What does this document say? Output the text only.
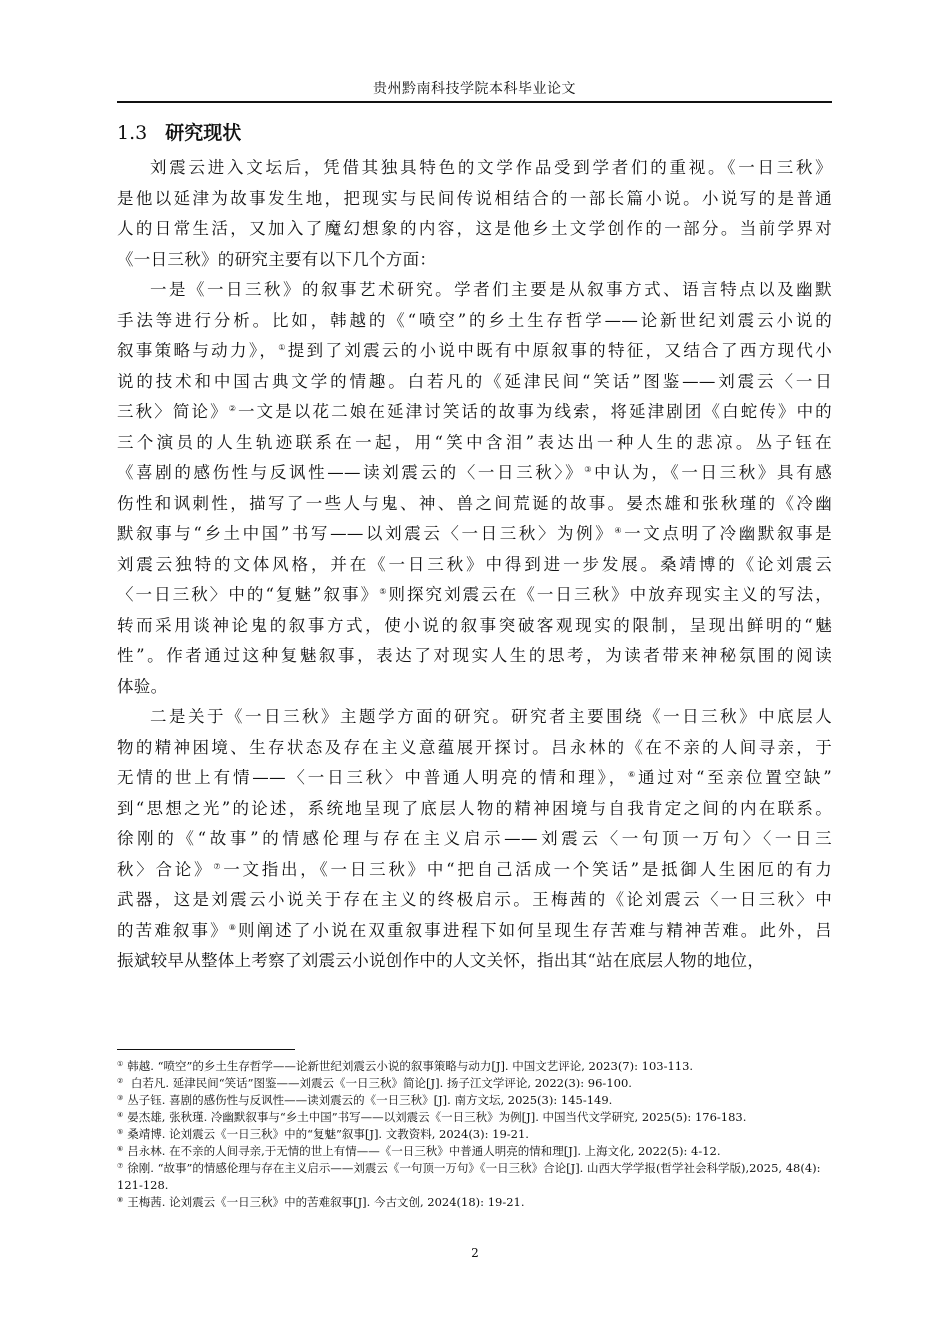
贵州黔南科技学院本科毕业论文
1.3 研究现状

刘震云进入文坛后，凭借其独具特色的文学作品受到学者们的重视。《一日三秋》
是他以延津为故事发生地，把现实与民间传说相结合的一部长篇小说。小说写的是普通
人的日常生活，又加入了魔幻想象的内容，这是他乡土文学创作的一部分。当前学界对
《一日三秋》的研究主要有以下几个方面：

一是《一日三秋》的叙事艺术研究。学者们主要是从叙事方式、语言特点以及幽默
手法等进行分析。比如，韩越的《“喷空”的乡土生存哲学——论新世纪刘震云小说的
叙事策略与动力》，①提到了刘震云的小说中既有中原叙事的特征，又结合了西方现代小
说的技术和中国古典文学的情趣。白若凡的《延津民间“笑话”图鉴——刘震云〈一日
三秋〉简论》②一文是以花二娘在延津讨笑话的故事为线索，将延津剧团《白蛇传》中的
三个演员的人生轨迹联系在一起，用“笑中含泪”表达出一种人生的悲凉。丛子钰在
《喜剧的感伤性与反讽性——读刘震云的〈一日三秋〉》③中认为，《一日三秋》具有感
伤性和讽刺性，描写了一些人与鬼、神、兽之间荒诞的故事。晏杰雄和张秋瑾的《冷幽
默叙事与“乡土中国”书写——以刘震云〈一日三秋〉为例》④一文点明了冷幽默叙事是
刘震云独特的文体风格，并在《一日三秋》中得到进一步发展。桑靖博的《论刘震云
〈一日三秋〉中的“复魅”叙事》⑤则探究刘震云在《一日三秋》中放弃现实主义的写法，
转而采用谈神论鬼的叙事方式，使小说的叙事突破客观现实的限制，呈现出鲜明的“魅
性”。作者通过这种复魅叙事，表达了对现实人生的思考，为读者带来神秘氛围的阅读
体验。

二是关于《一日三秋》主题学方面的研究。研究者主要围绕《一日三秋》中底层人
物的精神困境、生存状态及存在主义意蕴展开探讨。吕永林的《在不亲的人间寻亲，于
无情的世上有情——〈一日三秋〉中普通人明亮的情和理》，⑥通过对“至亲位置空缺”
到“思想之光”的论述，系统地呈现了底层人物的精神困境与自我肯定之间的内在联系。
徐刚的《“故事”的情感伦理与存在主义启示——刘震云〈一句顶一万句〉〈一日三
秋〉合论》⑦一文指出，《一日三秋》中“把自己活成一个笑话”是抵御人生困厄的有力
武器，这是刘震云小说关于存在主义的终极启示。王梅茜的《论刘震云〈一日三秋〉中
的苦难叙事》⑧则阐述了小说在双重叙事进程下如何呈现生存苦难与精神苦难。此外，吕
振斌较早从整体上考察了刘震云小说创作中的人文关怀，指出其“站在底层人物的地位，

① 韩越. “喷空”的乡土生存哲学——论新世纪刘震云小说的叙事策略与动力[J]. 中国文艺评论, 2023(7): 103-113.

② 白若凡. 延津民间“笑话”图鉴——刘震云《一日三秋》简论[J]. 扬子江文学评论, 2022(3): 96-100.

③ 丛子钰. 喜剧的感伤性与反讽性——读刘震云的《一日三秋》[J]. 南方文坛, 2025(3): 145-149.

④ 晏杰雄, 张秋瑾. 冷幽默叙事与“乡土中国”书写——以刘震云《一日三秋》为例[J]. 中国当代文学研究, 2025(5): 176-183.

⑤ 桑靖博. 论刘震云《一日三秋》中的“复魅”叙事[J]. 文教资料, 2024(3): 19-21.

⑥ 吕永林. 在不亲的人间寻亲,于无情的世上有情——《一日三秋》中普通人明亮的情和理[J]. 上海文化, 2022(5): 4-12.

⑦ 徐刚. “故事”的情感伦理与存在主义启示——刘震云《一句顶一万句》《一日三秋》合论[J]. 山西大学学报(哲学社会科学版),2025, 48(4): 121-128.

⑧ 王梅茜. 论刘震云《一日三秋》中的苦难叙事[J]. 今古文创, 2024(18): 19-21.

2
